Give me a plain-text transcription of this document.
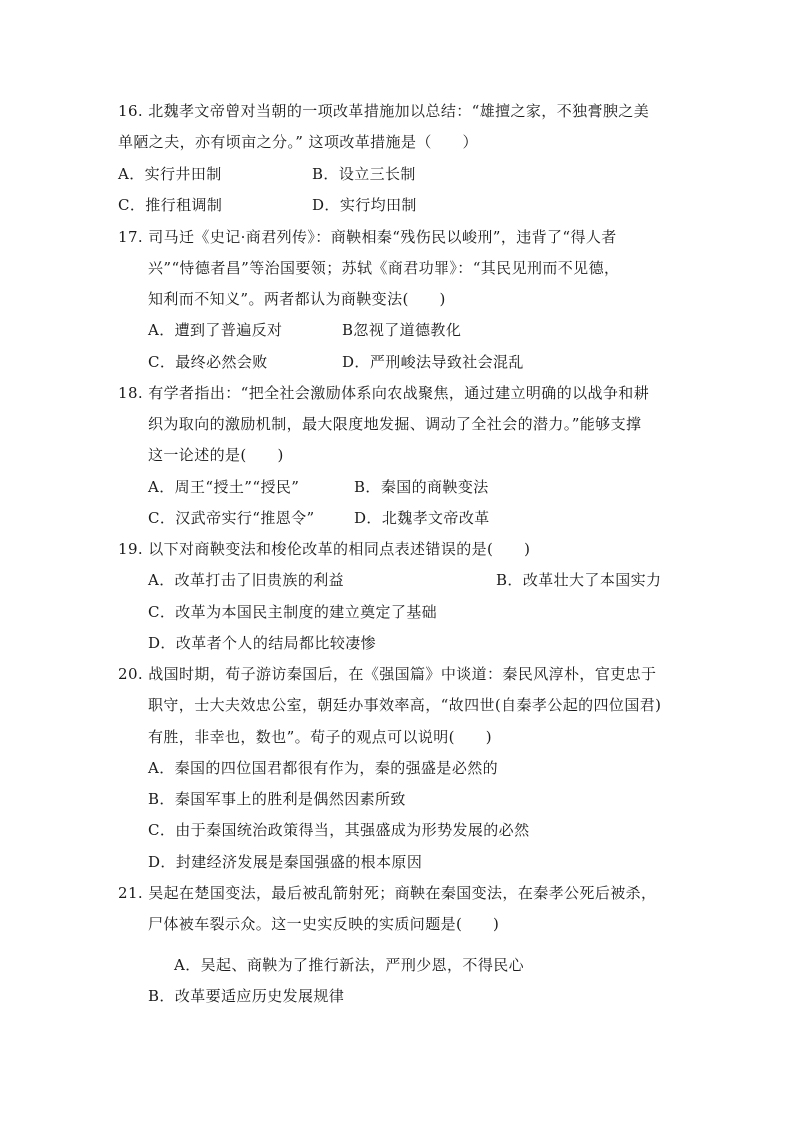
16. 北魏孝文帝曾对当朝的一项改革措施加以总结：“雄擅之家，不独膏腴之美
单陋之夫，亦有顷亩之分。” 这项改革措施是（　　）
A．实行井田制	B．设立三长制
C．推行租调制	D．实行均田制
17. 司马迁《史记·商君列传》：商鞅相秦“残伤民以峻刑”，违背了“得人者
兴”“恃德者昌”等治国要领；苏轼《商君功罪》：“其民见刑而不见德，
知利而不知义”。两者都认为商鞅变法(　　)
A．遭到了普遍反对	B忽视了道德教化
C．最终必然会败	D．严刑峻法导致社会混乱
18. 有学者指出：“把全社会激励体系向农战聚焦，通过建立明确的以战争和耕
织为取向的激励机制，最大限度地发掘、调动了全社会的潜力。”能够支撑
这一论述的是(　　)
A．周王“授土”“授民”	B．秦国的商鞅变法
C．汉武帝实行“推恩令”	D．北魏孝文帝改革
19. 以下对商鞅变法和梭伦改革的相同点表述错误的是(　　)
A．改革打击了旧贵族的利益	B．改革壮大了本国实力
C．改革为本国民主制度的建立奠定了基础
D．改革者个人的结局都比较凄惨
20. 战国时期，荀子游访秦国后，在《强国篇》中谈道：秦民风淳朴，官吏忠于
职守，士大夫效忠公室，朝廷办事效率高，“故四世(自秦孝公起的四位国君)
有胜，非幸也，数也”。荀子的观点可以说明(　　)
A．秦国的四位国君都很有作为，秦的强盛是必然的
B．秦国军事上的胜利是偶然因素所致
C．由于秦国统治政策得当，其强盛成为形势发展的必然
D．封建经济发展是秦国强盛的根本原因
21. 吴起在楚国变法，最后被乱箭射死；商鞅在秦国变法，在秦孝公死后被杀，
尸体被车裂示众。这一史实反映的实质问题是(　　)
A．吴起、商鞅为了推行新法，严刑少恩，不得民心
B．改革要适应历史发展规律
